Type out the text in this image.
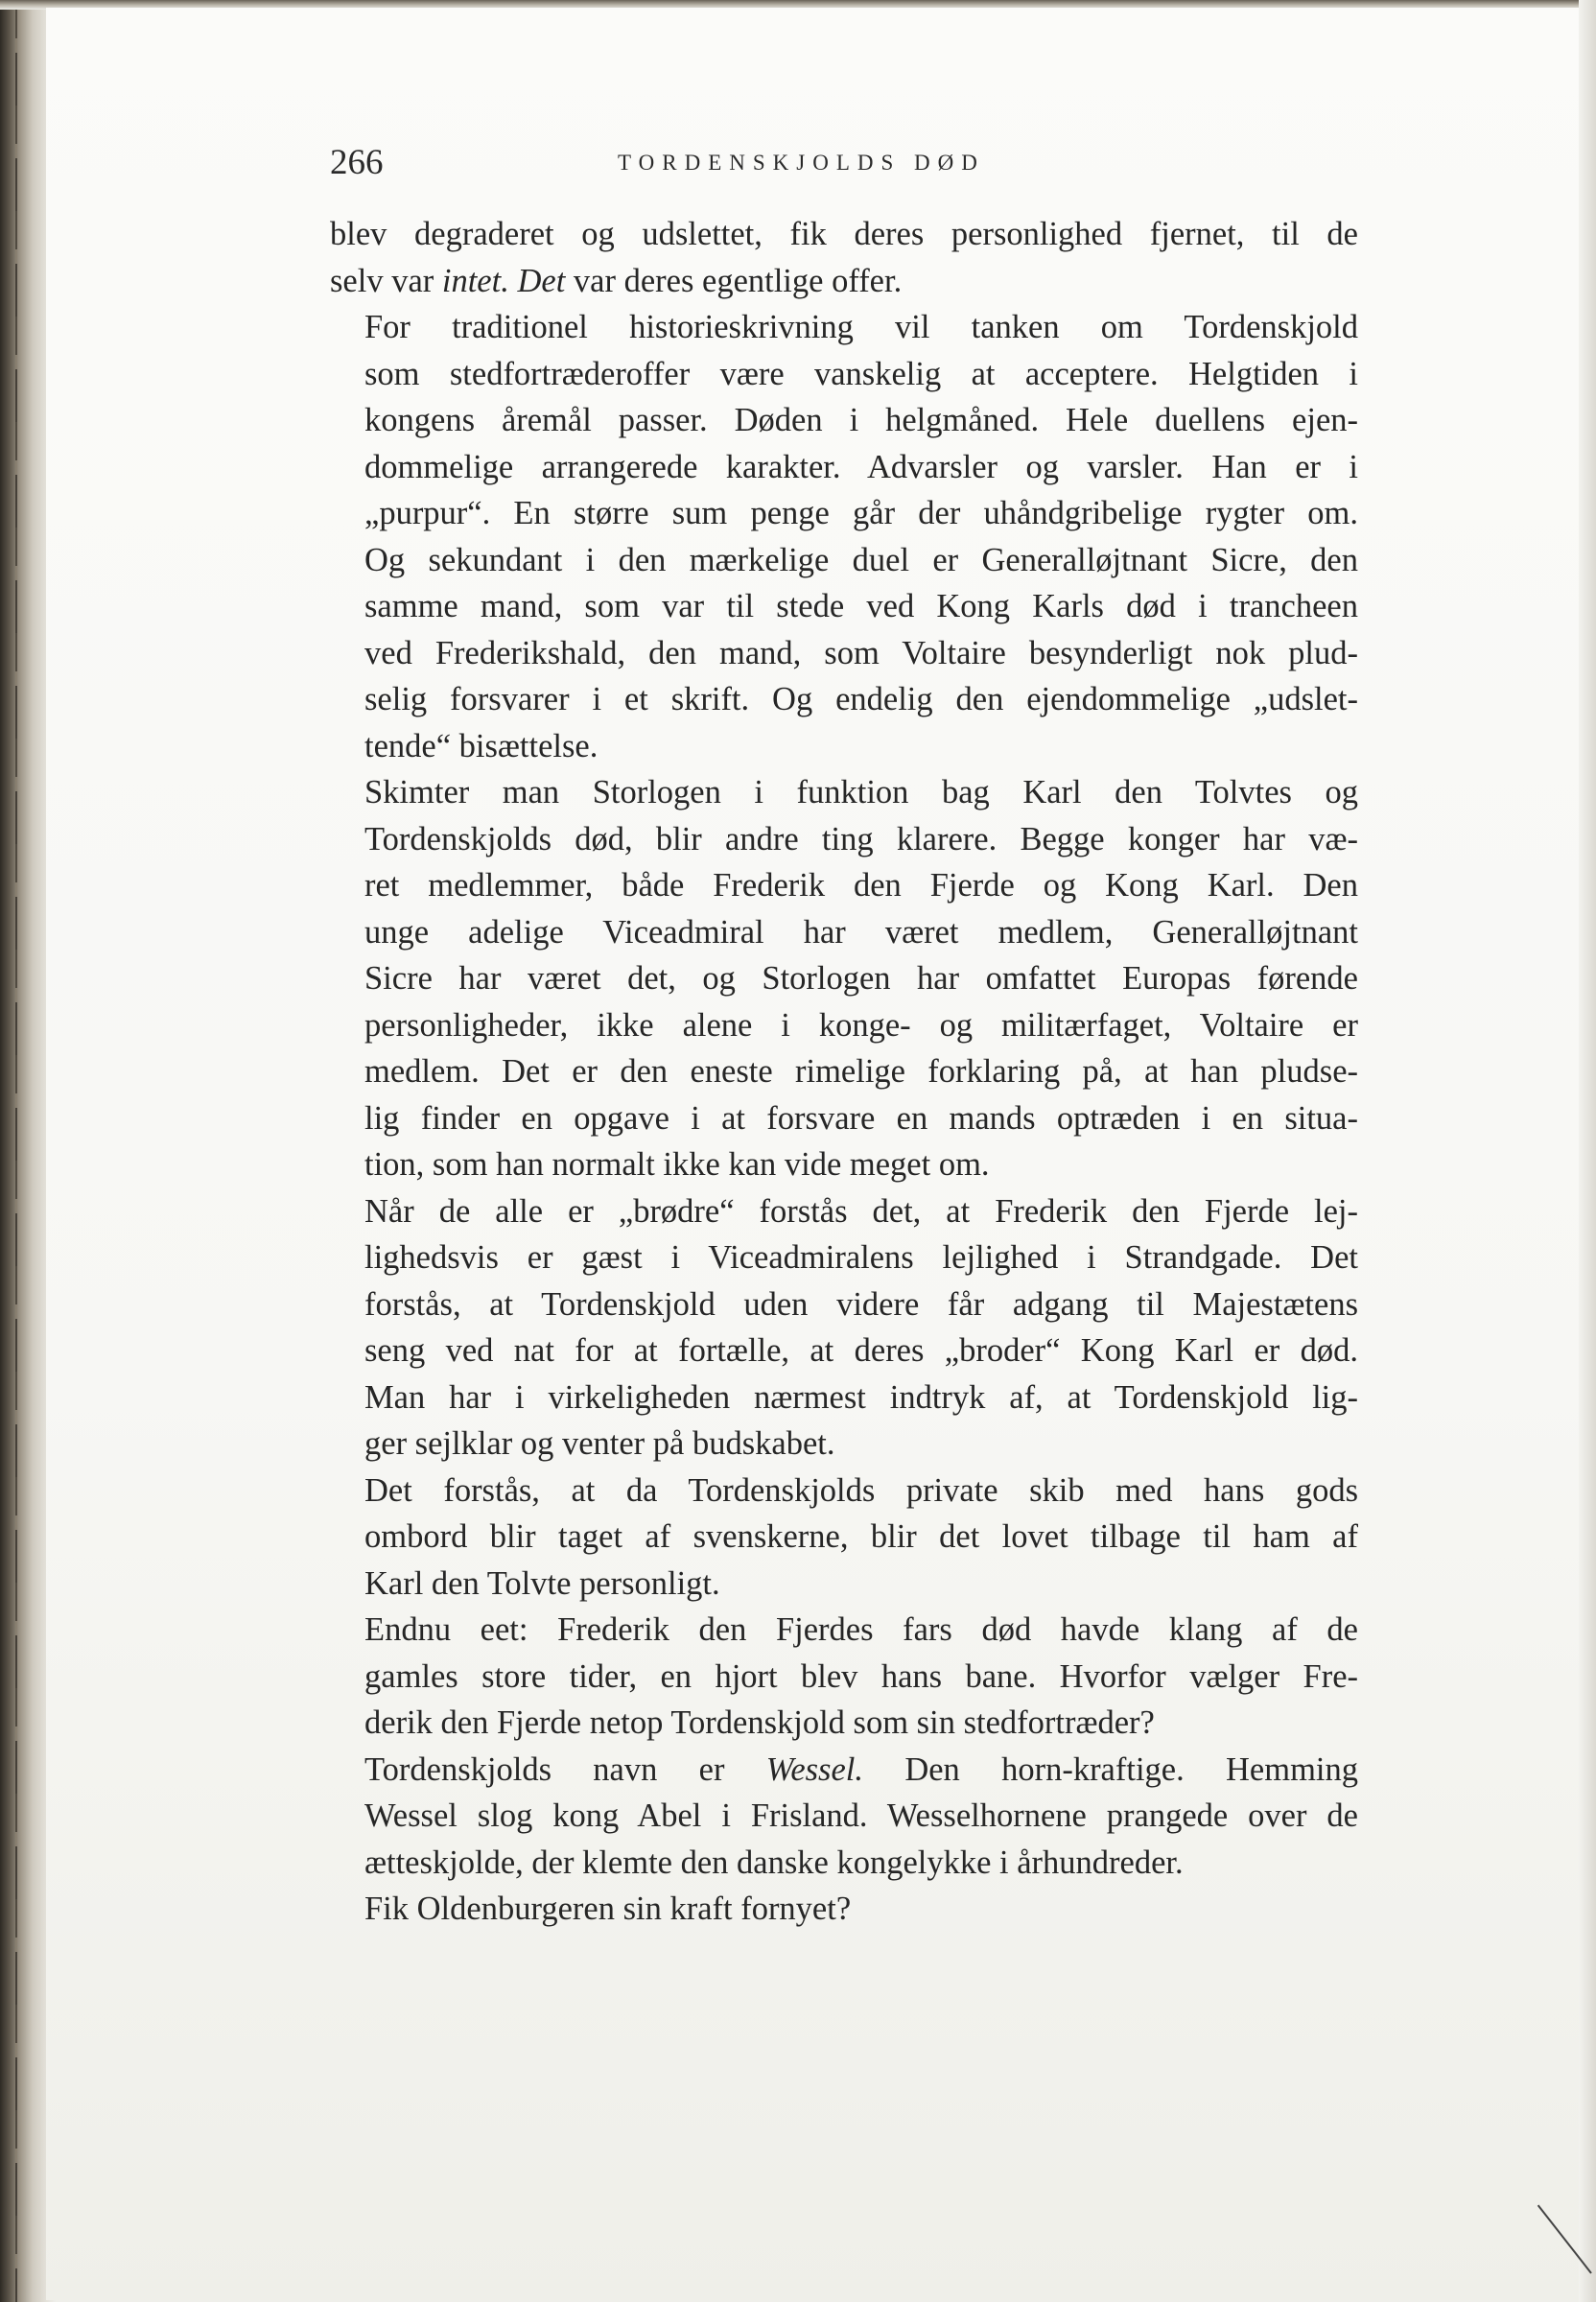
266	TORDENSKJOLDS DØD

blev degraderet og udslettet, fik deres personlighed fjernet, til de
selv var intet. Det var deres egentlige offer.

For traditionel historieskrivning vil tanken om Tordenskjold
som stedfortræderoffer være vanskelig at acceptere. Helgtiden i
kongens åremål passer. Døden i helgmåned. Hele duellens ejen-
dommelige arrangerede karakter. Advarsler og varsler. Han er i
„purpur“. En større sum penge går der uhåndgribelige rygter om.
Og sekundant i den mærkelige duel er Generalløjtnant Sicre, den
samme mand, som var til stede ved Kong Karls død i trancheen
ved Frederikshald, den mand, som Voltaire besynderligt nok plud-
selig forsvarer i et skrift. Og endelig den ejendommelige „udslet-
tende“ bisættelse.

Skimter man Storlogen i funktion bag Karl den Tolvtes og
Tordenskjolds død, blir andre ting klarere. Begge konger har væ-
ret medlemmer, både Frederik den Fjerde og Kong Karl. Den
unge adelige Viceadmiral har været medlem, Generalløjtnant
Sicre har været det, og Storlogen har omfattet Europas førende
personligheder, ikke alene i konge- og militærfaget, Voltaire er
medlem. Det er den eneste rimelige forklaring på, at han pludse-
lig finder en opgave i at forsvare en mands optræden i en situa-
tion, som han normalt ikke kan vide meget om.

Når de alle er „brødre“ forstås det, at Frederik den Fjerde lej-
lighedsvis er gæst i Viceadmiralens lejlighed i Strandgade. Det
forstås, at Tordenskjold uden videre får adgang til Majestætens
seng ved nat for at fortælle, at deres „broder“ Kong Karl er død.
Man har i virkeligheden nærmest indtryk af, at Tordenskjold lig-
ger sejlklar og venter på budskabet.

Det forstås, at da Tordenskjolds private skib med hans gods
ombord blir taget af svenskerne, blir det lovet tilbage til ham af
Karl den Tolvte personligt.

Endnu eet: Frederik den Fjerdes fars død havde klang af de
gamles store tider, en hjort blev hans bane. Hvorfor vælger Fre-
derik den Fjerde netop Tordenskjold som sin stedfortræder?

Tordenskjolds navn er Wessel. Den horn-kraftige. Hemming
Wessel slog kong Abel i Frisland. Wesselhornene prangede over de
ætteskjolde, der klemte den danske kongelykke i århundreder.

Fik Oldenburgeren sin kraft fornyet?
